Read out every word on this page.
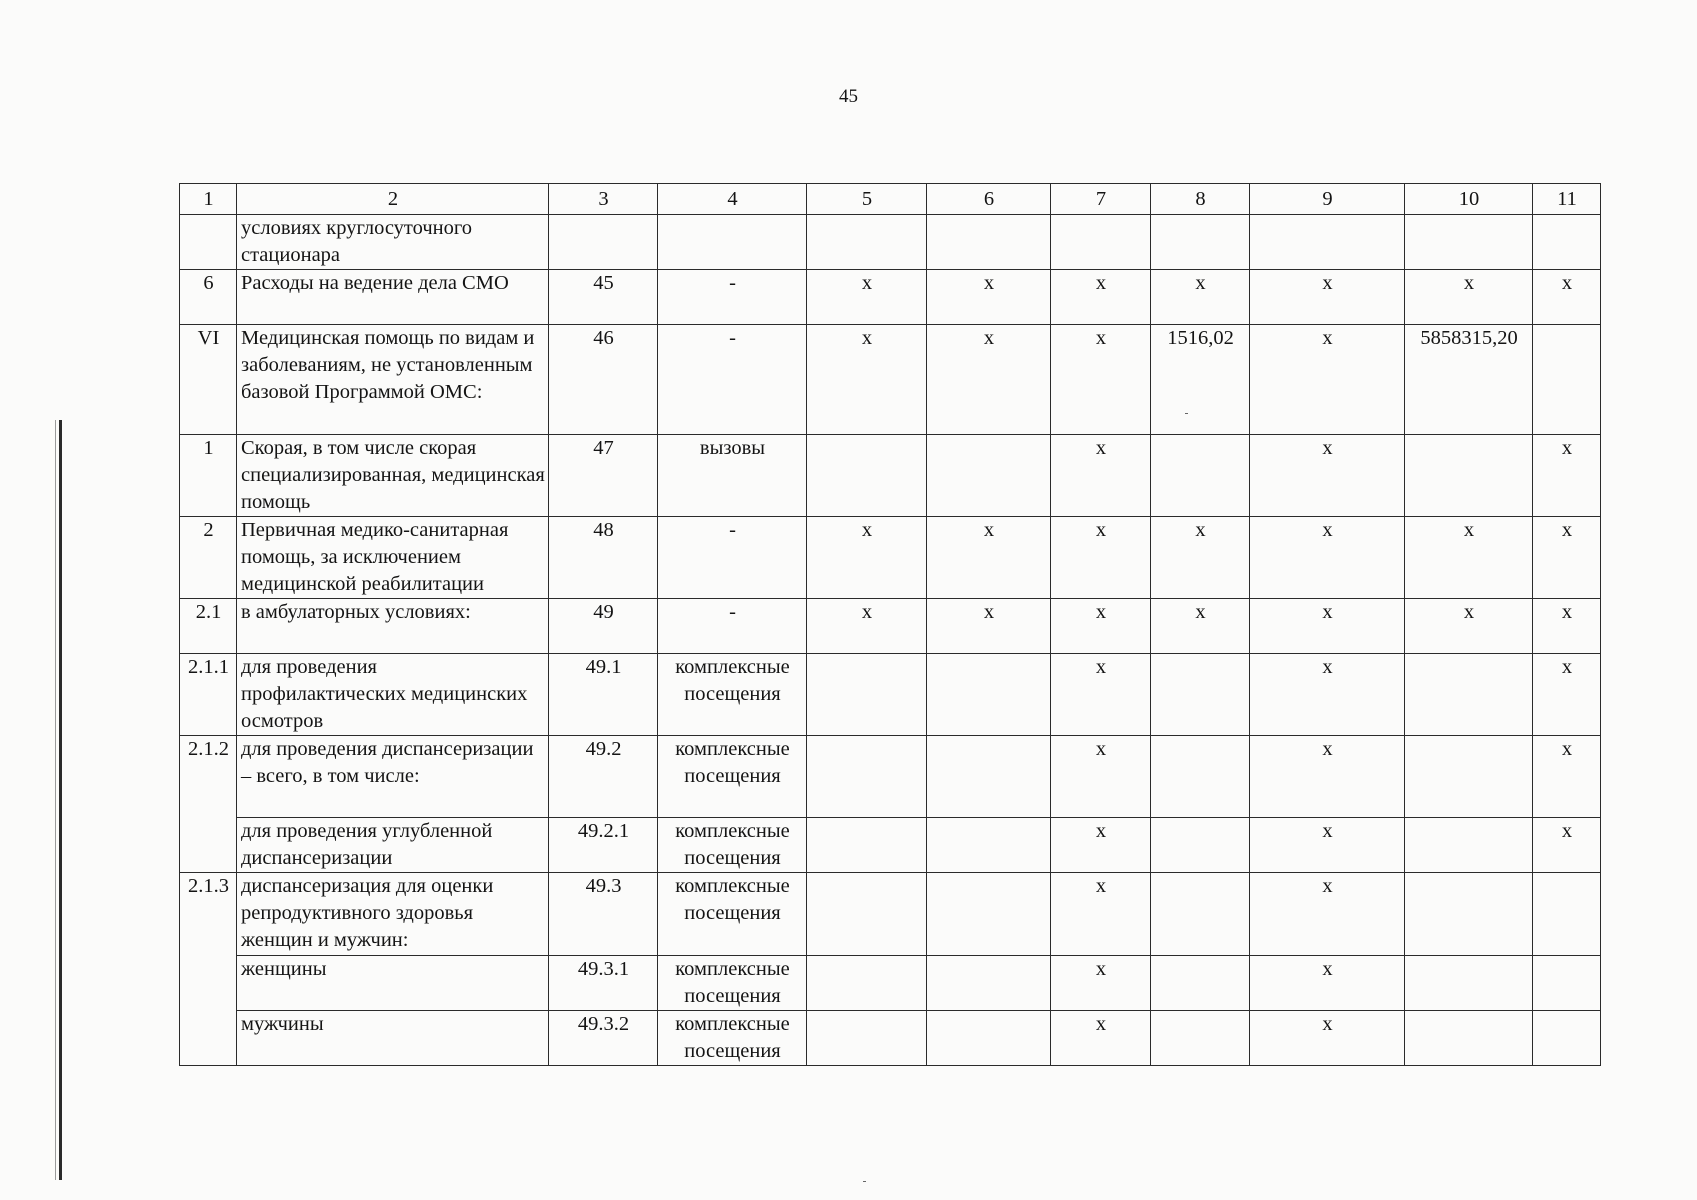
45
1	2	3	4	5	6	7	8	9	10	11
	условиях круглосуточного стационара									
6	Расходы на ведение дела СМО	45	-	х	х	х	х	х	х	х
VI	Медицинская помощь по видам и заболеваниям, не установленным базовой Программой ОМС:	46	-	х	х	х	1516,02	х	5858315,20	
1	Скорая, в том числе скорая специализированная, медицинская помощь	47	вызовы			х		х		х
2	Первичная медико-санитарная помощь, за исключением медицинской реабилитации	48	-	х	х	х	х	х	х	х
2.1	в амбулаторных условиях:	49	-	х	х	х	х	х	х	х
2.1.1	для проведения профилактических медицинских осмотров	49.1	комплексные посещения			х		х		х
2.1.2	для проведения диспансеризации – всего, в том числе:	49.2	комплексные посещения			х		х		х
	для проведения углубленной диспансеризации	49.2.1	комплексные посещения			х		х		х
2.1.3	диспансеризация для оценки репродуктивного здоровья женщин и мужчин:	49.3	комплексные посещения			х		х		
	женщины	49.3.1	комплексные посещения			х		х		
	мужчины	49.3.2	комплексные посещения			х		х		
